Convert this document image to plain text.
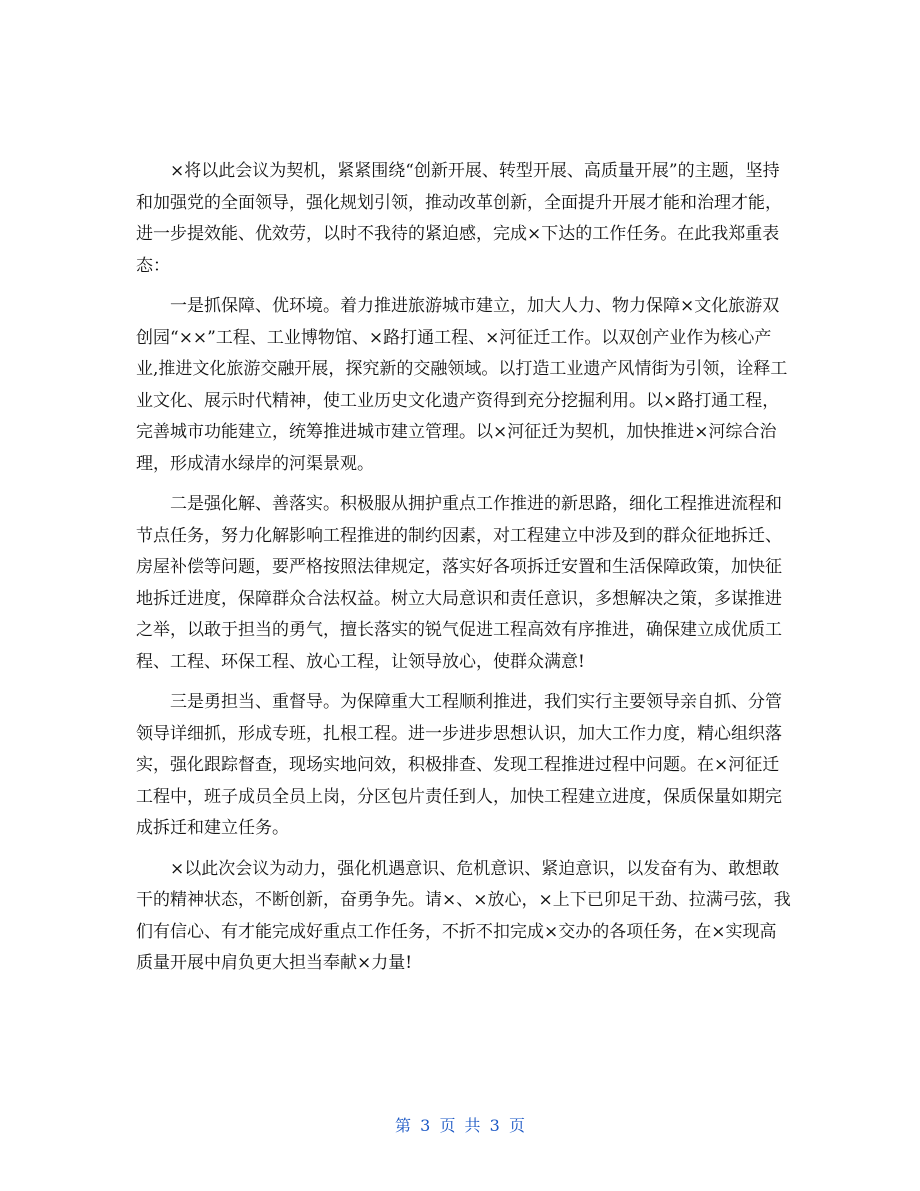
×将以此会议为契机，紧紧围绕“创新开展、转型开展、高质量开展”的主题，坚持和加强党的全面领导，强化规划引领，推动改革创新，全面提升开展才能和治理才能，进一步提效能、优效劳，以时不我待的紧迫感，完成×下达的工作任务。在此我郑重表态：

一是抓保障、优环境。着力推进旅游城市建立，加大人力、物力保障×文化旅游双创园“××”工程、工业博物馆、×路打通工程、×河征迁工作。以双创产业作为核心产业,推进文化旅游交融开展，探究新的交融领域。以打造工业遗产风情街为引领，诠释工业文化、展示时代精神，使工业历史文化遗产资得到充分挖掘利用。以×路打通工程，完善城市功能建立，统筹推进城市建立管理。以×河征迁为契机，加快推进×河综合治理，形成清水绿岸的河渠景观。

二是强化解、善落实。积极服从拥护重点工作推进的新思路，细化工程推进流程和节点任务，努力化解影响工程推进的制约因素，对工程建立中涉及到的群众征地拆迁、房屋补偿等问题，要严格按照法律规定，落实好各项拆迁安置和生活保障政策，加快征地拆迁进度，保障群众合法权益。树立大局意识和责任意识，多想解决之策，多谋推进之举，以敢于担当的勇气，擅长落实的锐气促进工程高效有序推进，确保建立成优质工程、工程、环保工程、放心工程，让领导放心，使群众满意!

三是勇担当、重督导。为保障重大工程顺利推进，我们实行主要领导亲自抓、分管领导详细抓，形成专班，扎根工程。进一步进步思想认识，加大工作力度，精心组织落实，强化跟踪督查，现场实地问效，积极排查、发现工程推进过程中问题。在×河征迁工程中，班子成员全员上岗，分区包片责任到人，加快工程建立进度，保质保量如期完成拆迁和建立任务。

×以此次会议为动力，强化机遇意识、危机意识、紧迫意识，以发奋有为、敢想敢干的精神状态，不断创新，奋勇争先。请×、×放心，×上下已卯足干劲、拉满弓弦，我们有信心、有才能完成好重点工作任务，不折不扣完成×交办的各项任务，在×实现高质量开展中肩负更大担当奉献×力量!

第 3 页 共 3 页
